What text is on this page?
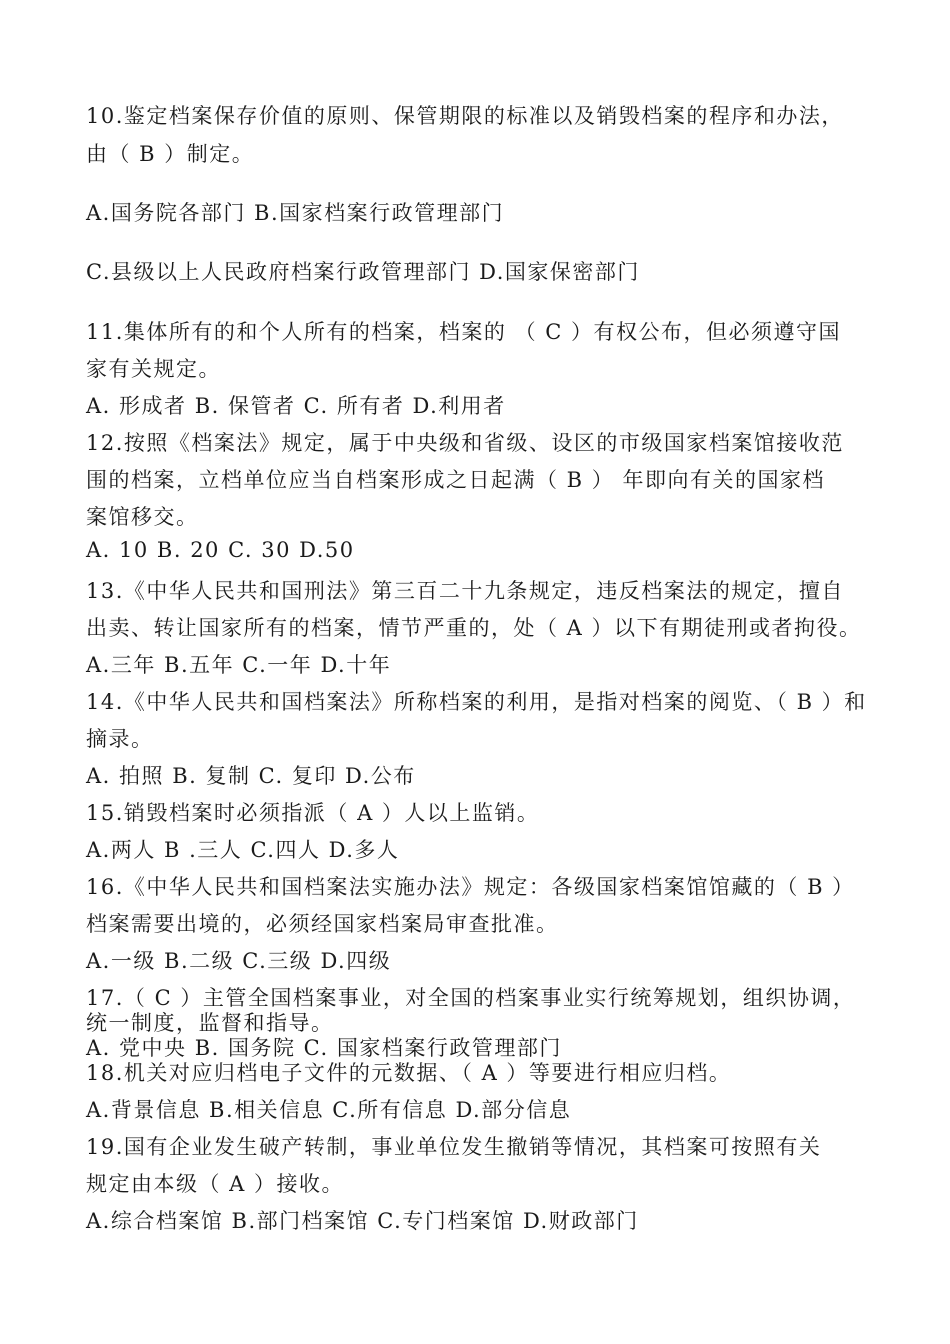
10.鉴定档案保存价值的原则、保管期限的标准以及销毁档案的程序和办法，
由（ B ）制定。
A.国务院各部门 B.国家档案行政管理部门
C.县级以上人民政府档案行政管理部门 D.国家保密部门
11.集体所有的和个人所有的档案，档案的 （ C ）有权公布，但必须遵守国
家有关规定。
A. 形成者 B. 保管者 C. 所有者 D.利用者
12.按照《档案法》规定，属于中央级和省级、设区的市级国家档案馆接收范
围的档案，立档单位应当自档案形成之日起满（ B ） 年即向有关的国家档
案馆移交。
A. 10 B. 20 C. 30 D.50
13.《中华人民共和国刑法》第三百二十九条规定，违反档案法的规定，擅自
出卖、转让国家所有的档案，情节严重的，处（ A ）以下有期徒刑或者拘役。
A.三年 B.五年 C.一年 D.十年
14.《中华人民共和国档案法》所称档案的利用，是指对档案的阅览、（ B ）和
摘录。
A. 拍照 B. 复制 C. 复印 D.公布
15.销毁档案时必须指派（ A ）人以上监销。
A.两人 B .三人 C.四人 D.多人
16.《中华人民共和国档案法实施办法》规定：各级国家档案馆馆藏的（ B ）
档案需要出境的，必须经国家档案局审查批准。
A.一级 B.二级 C.三级 D.四级
17.（ C ）主管全国档案事业，对全国的档案事业实行统筹规划，组织协调，
统一制度，监督和指导。
A. 党中央 B. 国务院 C. 国家档案行政管理部门
18.机关对应归档电子文件的元数据、（ A ）等要进行相应归档。
A.背景信息 B.相关信息 C.所有信息 D.部分信息
19.国有企业发生破产转制，事业单位发生撤销等情况，其档案可按照有关
规定由本级（ A ）接收。
A.综合档案馆 B.部门档案馆 C.专门档案馆 D.财政部门
